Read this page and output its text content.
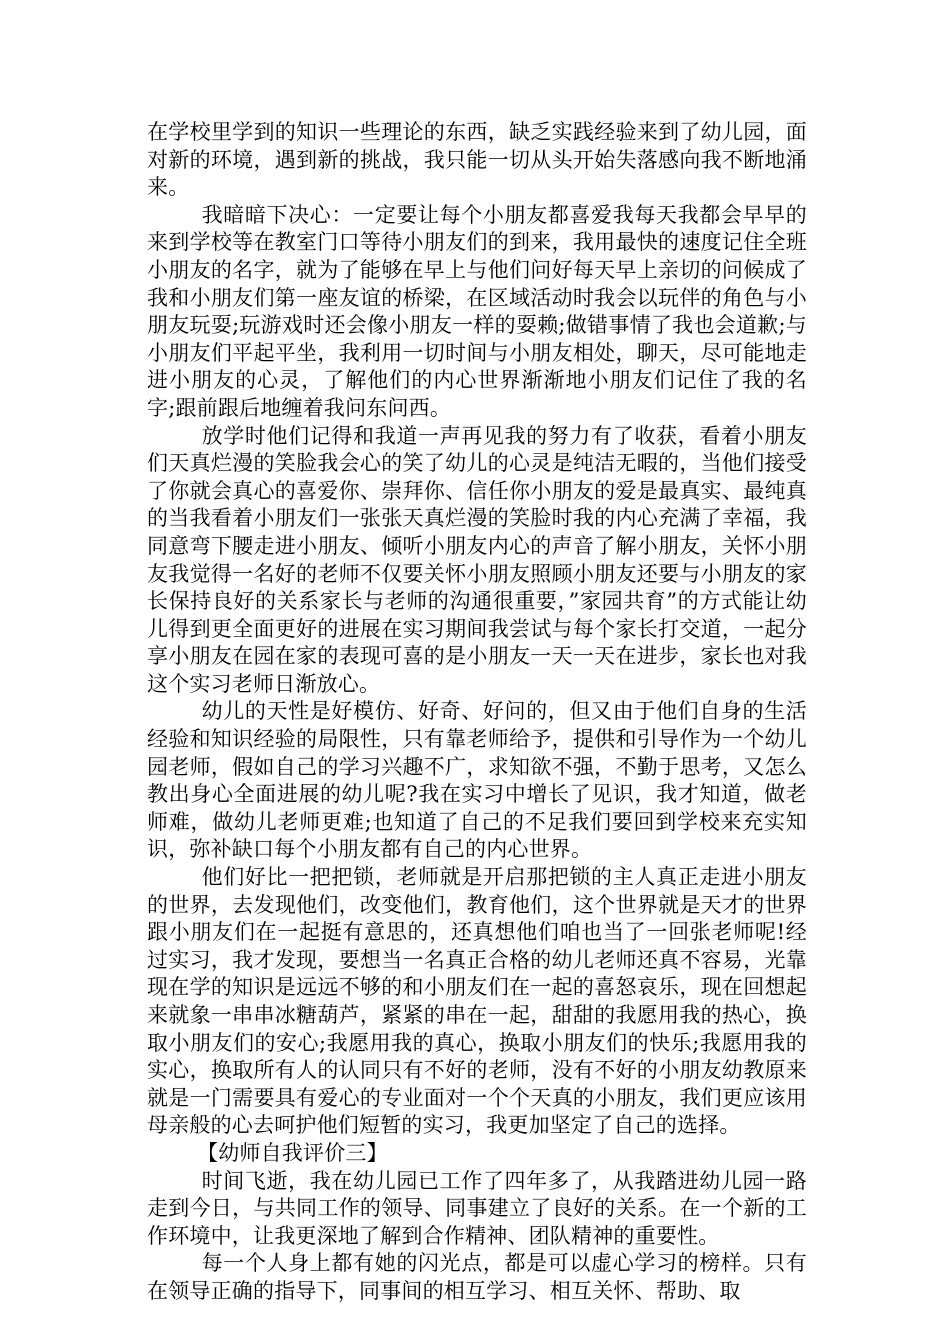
在学校里学到的知识一些理论的东西，缺乏实践经验来到了幼儿园，面对新的环境，遇到新的挑战，我只能一切从头开始失落感向我不断地涌来。

我暗暗下决心：一定要让每个小朋友都喜爱我每天我都会早早的来到学校等在教室门口等待小朋友们的到来，我用最快的速度记住全班小朋友的名字，就为了能够在早上与他们问好每天早上亲切的问候成了我和小朋友们第一座友谊的桥梁，在区域活动时我会以玩伴的角色与小朋友玩耍;玩游戏时还会像小朋友一样的耍赖;做错事情了我也会道歉;与小朋友们平起平坐，我利用一切时间与小朋友相处，聊天，尽可能地走进小朋友的心灵，了解他们的内心世界渐渐地小朋友们记住了我的名字;跟前跟后地缠着我问东问西。

放学时他们记得和我道一声再见我的努力有了收获，看着小朋友们天真烂漫的笑脸我会心的笑了幼儿的心灵是纯洁无暇的，当他们接受了你就会真心的喜爱你、崇拜你、信任你小朋友的爱是最真实、最纯真的当我看着小朋友们一张张天真烂漫的笑脸时我的内心充满了幸福，我同意弯下腰走进小朋友、倾听小朋友内心的声音了解小朋友，关怀小朋友我觉得一名好的老师不仅要关怀小朋友照顾小朋友还要与小朋友的家长保持良好的关系家长与老师的沟通很重要，”家园共育”的方式能让幼儿得到更全面更好的进展在实习期间我尝试与每个家长打交道，一起分享小朋友在园在家的表现可喜的是小朋友一天一天在进步，家长也对我这个实习老师日渐放心。

幼儿的天性是好模仿、好奇、好问的，但又由于他们自身的生活经验和知识经验的局限性，只有靠老师给予，提供和引导作为一个幼儿园老师，假如自己的学习兴趣不广，求知欲不强，不勤于思考，又怎么教出身心全面进展的幼儿呢?我在实习中增长了见识，我才知道，做老师难，做幼儿老师更难;也知道了自己的不足我们要回到学校来充实知识，弥补缺口每个小朋友都有自己的内心世界。

他们好比一把把锁，老师就是开启那把锁的主人真正走进小朋友的世界，去发现他们，改变他们，教育他们，这个世界就是天才的世界跟小朋友们在一起挺有意思的，还真想他们咱也当了一回张老师呢!经过实习，我才发现，要想当一名真正合格的幼儿老师还真不容易，光靠现在学的知识是远远不够的和小朋友们在一起的喜怒哀乐，现在回想起来就象一串串冰糖葫芦，紧紧的串在一起，甜甜的我愿用我的热心，换取小朋友们的安心;我愿用我的真心，换取小朋友们的快乐;我愿用我的实心，换取所有人的认同只有不好的老师，没有不好的小朋友幼教原来就是一门需要具有爱心的专业面对一个个天真的小朋友，我们更应该用母亲般的心去呵护他们短暂的实习，我更加坚定了自己的选择。

【幼师自我评价三】

时间飞逝，我在幼儿园已工作了四年多了，从我踏进幼儿园一路走到今日，与共同工作的领导、同事建立了良好的关系。在一个新的工作环境中，让我更深地了解到合作精神、团队精神的重要性。

每一个人身上都有她的闪光点，都是可以虚心学习的榜样。只有在领导正确的指导下，同事间的相互学习、相互关怀、帮助、取
